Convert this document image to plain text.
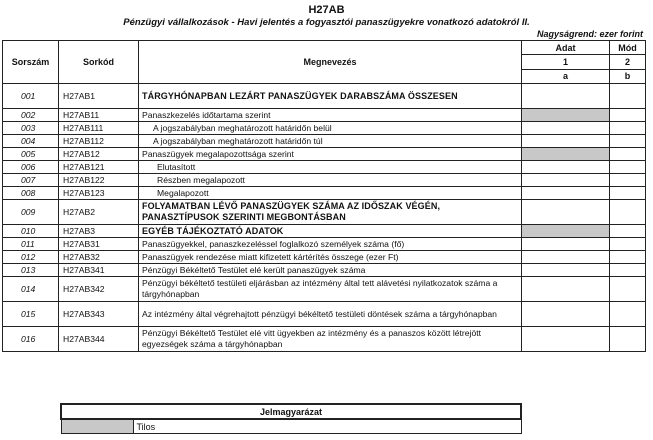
H27AB
Pénzügyi vállalkozások - Havi jelentés a fogyasztói panaszügyekre vonatkozó adatokról II.
Nagyságrend: ezer forint
Sorszám	Sorkód	Megnevezés	Adat	Mód
			1	2
			a	b
001	H27AB1	TÁRGYHÓNAPBAN LEZÁRT PANASZÜGYEK DARABSZÁMA ÖSSZESEN		
002	H27AB11	Panaszkezelés időtartama szerint		
003	H27AB111	A jogszabályban meghatározott határidőn belül		
004	H27AB112	A jogszabályban meghatározott határidőn túl		
005	H27AB12	Panaszügyek megalapozottsága szerint		
006	H27AB121	Elutasított		
007	H27AB122	Részben megalapozott		
008	H27AB123	Megalapozott		
009	H27AB2	FOLYAMATBAN LÉVŐ PANASZÜGYEK SZÁMA AZ IDŐSZAK VÉGÉN, PANASZTÍPUSOK SZERINTI MEGBONTÁSBAN		
010	H27AB3	EGYÉB TÁJÉKOZTATÓ ADATOK		
011	H27AB31	Panaszügyekkel, panaszkezeléssel foglalkozó személyek száma (fő)		
012	H27AB32	Panaszügyek rendezése miatt kifizetett kártérítés összege (ezer Ft)		
013	H27AB341	Pénzügyi Békéltető Testület elé került panaszügyek száma		
014	H27AB342	Pénzügyi békéltető testületi eljárásban az intézmény által tett alávetési nyilatkozatok száma a tárgyhónapban		
015	H27AB343	Az intézmény által végrehajtott pénzügyi békéltető testületi döntések száma a tárgyhónapban		
016	H27AB344	Pénzügyi Békéltető Testület elé vitt ügyekben az intézmény és a panaszos között létrejött egyezségek száma a tárgyhónapban		
Jelmagyarázat
	Tilos
